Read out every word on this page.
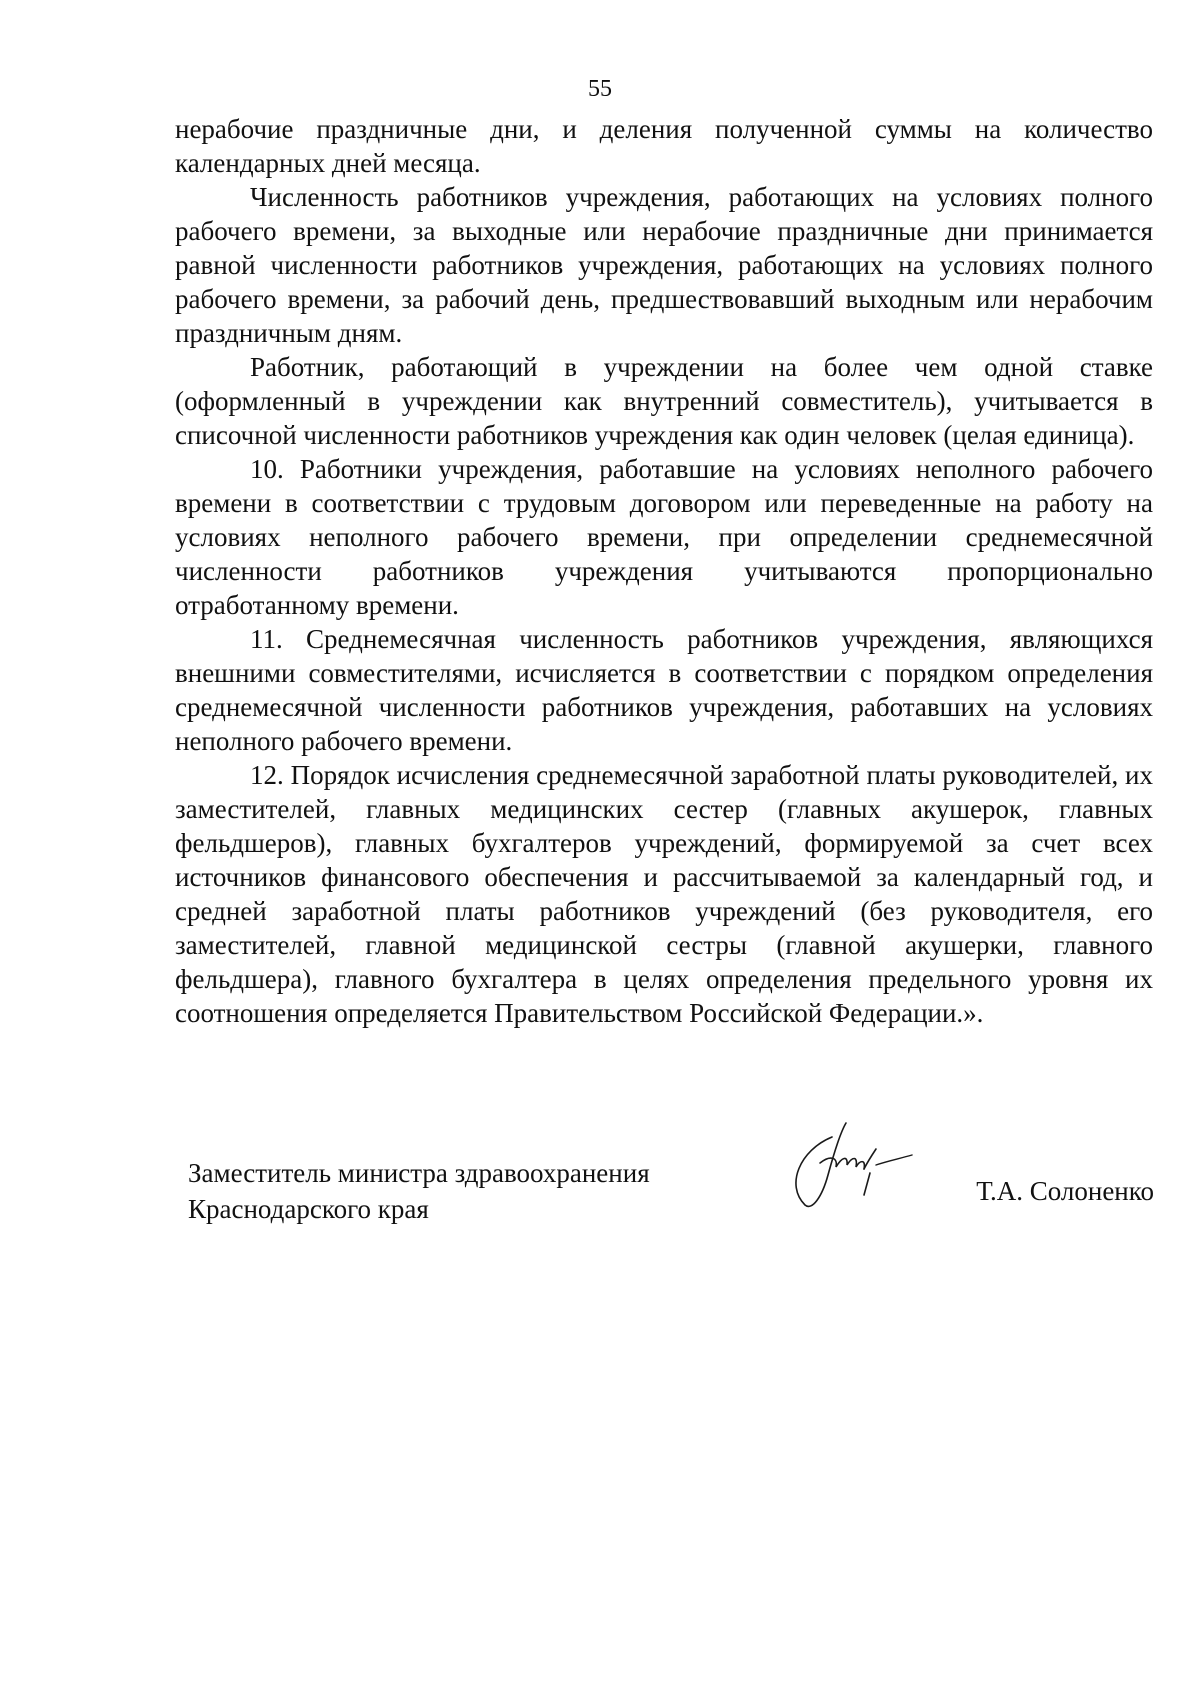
55

нерабочие праздничные дни, и деления полученной суммы на количество календарных дней месяца.

Численность работников учреждения, работающих на условиях полного рабочего времени, за выходные или нерабочие праздничные дни принимается равной численности работников учреждения, работающих на условиях полного рабочего времени, за рабочий день, предшествовавший выходным или нерабочим праздничным дням.

Работник, работающий в учреждении на более чем одной ставке (оформленный в учреждении как внутренний совместитель), учитывается в списочной численности работников учреждения как один человек (целая единица).

10. Работники учреждения, работавшие на условиях неполного рабочего времени в соответствии с трудовым договором или переведенные на работу на условиях неполного рабочего времени, при определении среднемесячной численности работников учреждения учитываются пропорционально отработанному времени.

11. Среднемесячная численность работников учреждения, являющихся внешними совместителями, исчисляется в соответствии с порядком определения среднемесячной численности работников учреждения, работавших на условиях неполного рабочего времени.

12. Порядок исчисления среднемесячной заработной платы руководителей, их заместителей, главных медицинских сестер (главных акушерок, главных фельдшеров), главных бухгалтеров учреждений, формируемой за счет всех источников финансового обеспечения и рассчитываемой за календарный год, и средней заработной платы работников учреждений (без руководителя, его заместителей, главной медицинской сестры (главной акушерки, главного фельдшера), главного бухгалтера в целях определения предельного уровня их соотношения определяется Правительством Российской Федерации.».

Заместитель министра здравоохранения
Краснодарского края
Т.А. Солоненко
